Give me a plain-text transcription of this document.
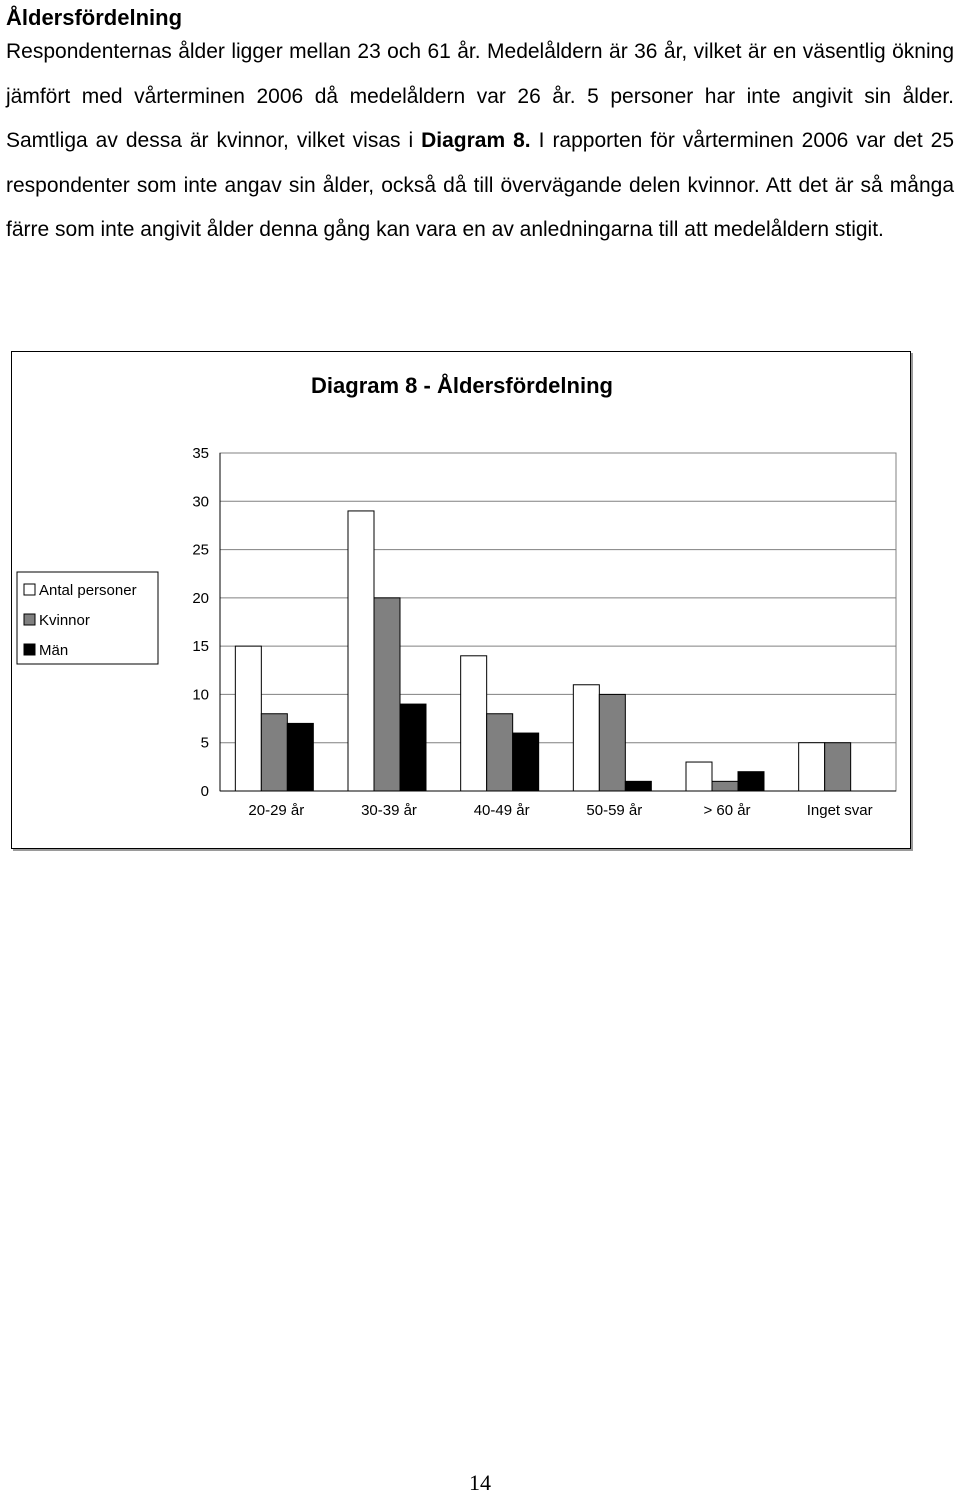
Åldersfördelning
Respondenternas ålder ligger mellan 23 och 61 år. Medelåldern är 36 år, vilket är en väsentlig ökning jämfört med vårterminen 2006 då medelåldern var 26 år. 5 personer har inte angivit sin ålder. Samtliga av dessa är kvinnor, vilket visas i Diagram 8. I rapporten för vårterminen 2006 var det 25 respondenter som inte angav sin ålder, också då till övervägande delen kvinnor. Att det är så många färre som inte angivit ålder denna gång kan vara en av anledningarna till att medelåldern stigit.
Diagram 8 - Åldersfördelning
0
5
10
15
20
25
30
35
20-29 år	30-39 år	40-49 år	50-59 år	> 60 år	Inget svar
Antal personer
Kvinnor
Män
14
